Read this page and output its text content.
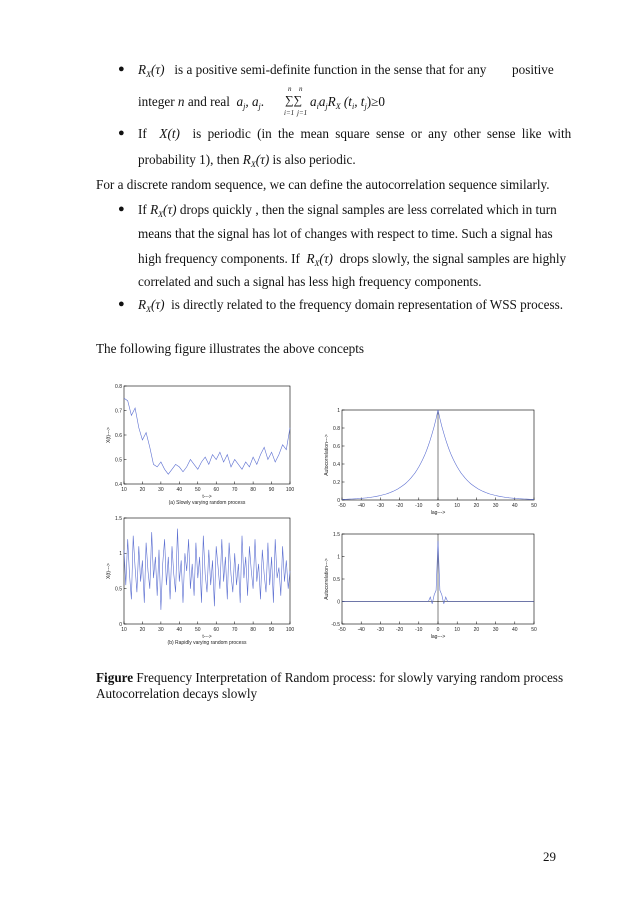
● $R_X(\tau)$ is a positive semi-definite function in the sense that for any positive
integer n and real $a_j$, $a_j$.
n n
∑∑
i=1 j=1
$a_ia_jR_X$ ($t_i$, $t_j)\ge 0$
● If X(t) is periodic (in the mean square sense or any other sense like with
probability 1), then $R_X(\tau)$ is also periodic.
For a discrete random sequence, we can define the autocorrelation sequence similarly.
● If $R_X(\tau)$ drops quickly , then the signal samples are less correlated which in turn
means that the signal has lot of changes with respect to time. Such a signal has
high frequency components. If $R_X(\tau)$ drops slowly, the signal samples are highly
correlated and such a signal has less high frequency components.
● $R_X(\tau)$ is directly related to the frequency domain representation of WSS process.
The following figure illustrates the above concepts
10	20	30	40	50	60	70	80	90 100
0.4
0.5
0.6
0.7
0.8
t--->
X(t)--->
(a) Slowly varying random process	-50 -40 -30 -20 -10	0	10	20	30	40	50
0
0.2
0.4
0.6
0.8
1
lag--->
Autocorrelation--->
10	20	30	40	50	60	70	80	90 100
0
0.5
1
1.5
t--->
X(t)--->
(b) Rapidly varying random process
-50 -40 -30 -20 -10	0	10	20	30	40	50
-0.5
0
0.5
1
1.5
lag--->
Autocorrelation--->
Figure Frequency Interpretation of Random process: for slowly varying random process
Autocorrelation decays slowly
29
